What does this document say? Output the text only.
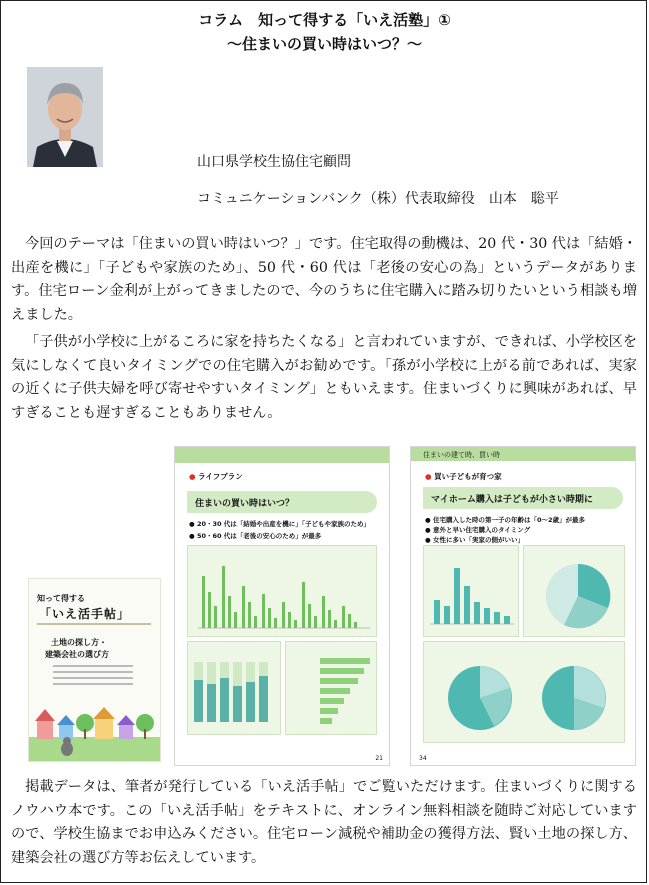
コラム　知って得する「いえ活塾」①
～住まいの買い時はいつ？～
山口県学校生協住宅顧問
コミュニケーションバンク（株）代表取締役　山本　聡平

今回のテーマは「住まいの買い時はいつ？」です。住宅取得の動機は、20 代・30 代は「結婚・出産を機に」「子どもや家族のため」、50 代・60 代は「老後の安心の為」というデータがあります。住宅ローン金利が上がってきましたので、今のうちに住宅購入に踏み切りたいという相談も増えました。

「子供が小学校に上がるころに家を持ちたくなる」と言われていますが、できれば、小学校区を気にしなくて良いタイミングでの住宅購入がお勧めです。「孫が小学校に上がる前であれば、実家の近くに子供夫婦を呼び寄せやすいタイミング」ともいえます。住まいづくりに興味があれば、早すぎることも遅すぎることもありません。

知って得する
「いえ活手帖」
土地の探し方・
建築会社の選び方
● ライフプラン
住まいの買い時はいつ？
● 20・30 代は「結婚や出産を機に」「子どもや家族のため」
● 50・60 代は「老後の安心のため」が最多
21
住まいの建て時、買い時
● 買い子どもが育つ家
マイホーム購入は子どもが小さい時期に
● 住宅購入した時の第一子の年齢は「0～2歳」が最多
● 意外と早い住宅購入のタイミング
● 女性に多い「実家の側がいい」
34

掲載データは、筆者が発行している「いえ活手帖」でご覧いただけます。住まいづくりに関するノウハウ本です。この「いえ活手帖」をテキストに、オンライン無料相談を随時ご対応していますので、学校生協までお申込みください。住宅ローン減税や補助金の獲得方法、賢い土地の探し方、建築会社の選び方等お伝えしています。
